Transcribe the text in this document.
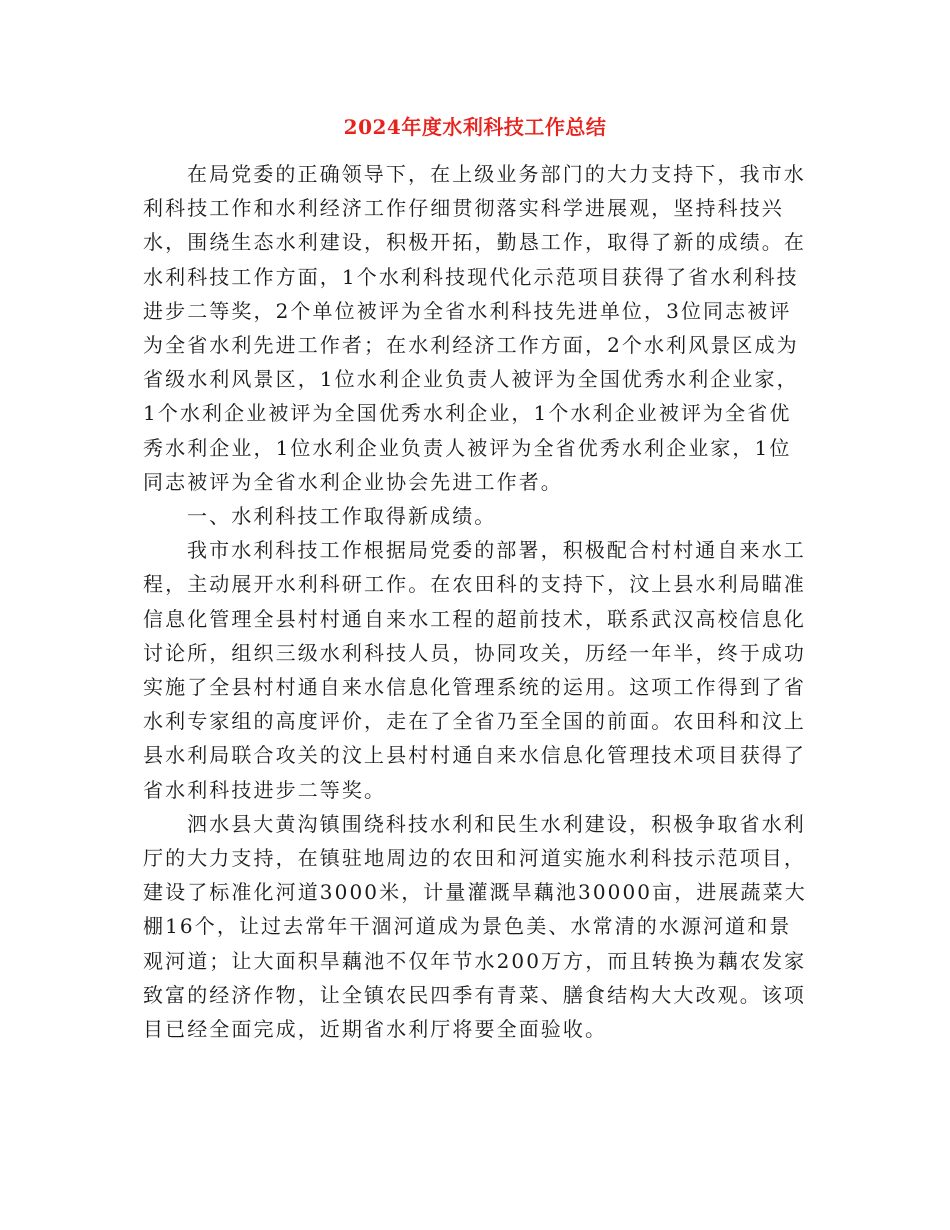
2024年度水利科技工作总结

在局党委的正确领导下，在上级业务部门的大力支持下，我市水利科技工作和水利经济工作仔细贯彻落实科学进展观，坚持科技兴水，围绕生态水利建设，积极开拓，勤恳工作，取得了新的成绩。在水利科技工作方面，1个水利科技现代化示范项目获得了省水利科技进步二等奖，2个单位被评为全省水利科技先进单位，3位同志被评为全省水利先进工作者；在水利经济工作方面，2个水利风景区成为省级水利风景区，1位水利企业负责人被评为全国优秀水利企业家，1个水利企业被评为全国优秀水利企业，1个水利企业被评为全省优秀水利企业，1位水利企业负责人被评为全省优秀水利企业家，1位同志被评为全省水利企业协会先进工作者。

一、水利科技工作取得新成绩。

我市水利科技工作根据局党委的部署，积极配合村村通自来水工程，主动展开水利科研工作。在农田科的支持下，汶上县水利局瞄准信息化管理全县村村通自来水工程的超前技术，联系武汉高校信息化讨论所，组织三级水利科技人员，协同攻关，历经一年半，终于成功实施了全县村村通自来水信息化管理系统的运用。这项工作得到了省水利专家组的高度评价，走在了全省乃至全国的前面。农田科和汶上县水利局联合攻关的汶上县村村通自来水信息化管理技术项目获得了省水利科技进步二等奖。

泗水县大黄沟镇围绕科技水利和民生水利建设，积极争取省水利厅的大力支持，在镇驻地周边的农田和河道实施水利科技示范项目，建设了标准化河道3000米，计量灌溉旱藕池30000亩，进展蔬菜大棚16个，让过去常年干涸河道成为景色美、水常清的水源河道和景观河道；让大面积旱藕池不仅年节水200万方，而且转换为藕农发家致富的经济作物，让全镇农民四季有青菜、膳食结构大大改观。该项目已经全面完成，近期省水利厅将要全面验收。
